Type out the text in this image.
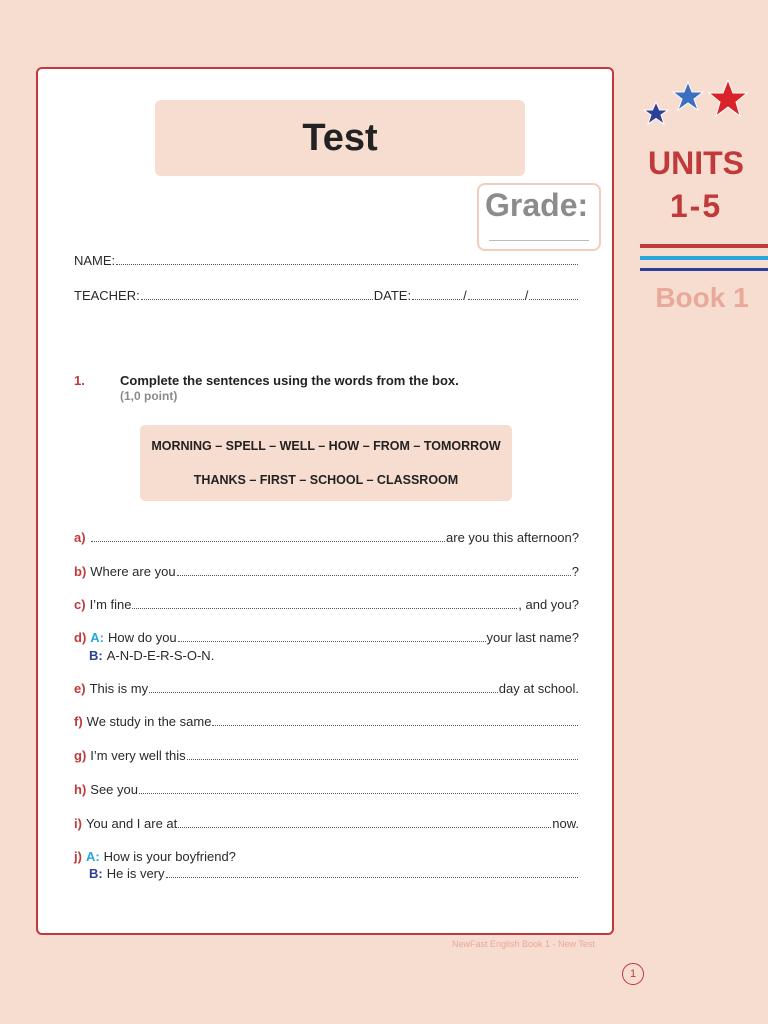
Test
Grade:
NAME:
TEACHER:	DATE:	/	/
1.	Complete the sentences using the words from the box.
(1,0 point)
MORNING – SPELL – WELL – HOW – FROM – TOMORROW
THANKS – FIRST – SCHOOL – CLASSROOM
a)	are you this afternoon?
b) Where are you	?
c) I’m fine	, and you?
d) A: How do you	your last name?
B: A-N-D-E-R-S-O-N.
e) This is my	day at school.
f) We study in the same
g) I’m very well this
h) See you
i) You and I are at	now.
j) A: How is your boyfriend?
B: He is very
NewFast English Book 1 - New Test
1
UNITS
1-5
Book 1
